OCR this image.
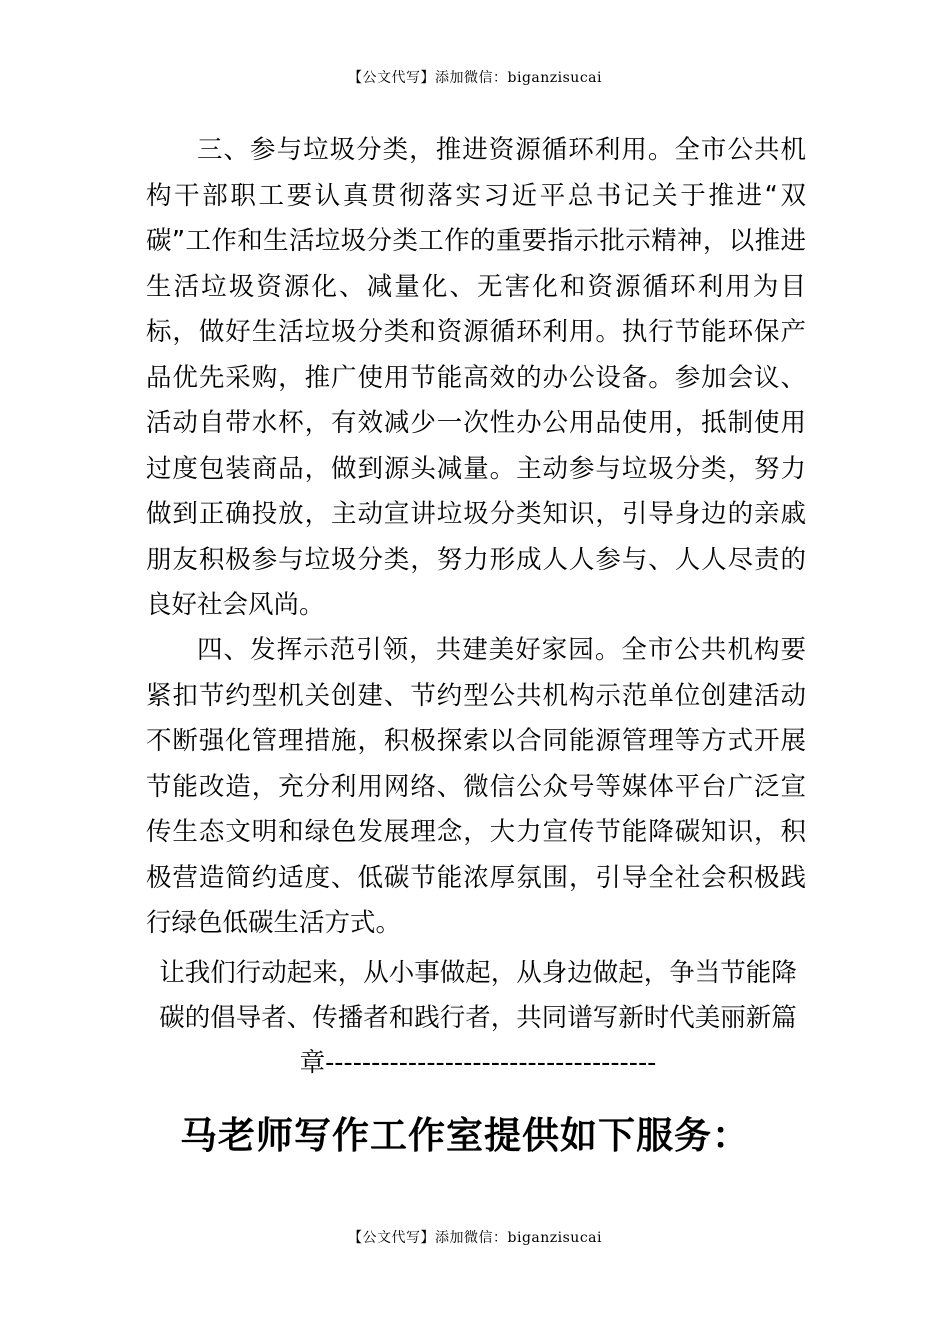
【公文代写】添加微信：biganzisucai
三、参与垃圾分类，推进资源循环利用。全市公共机构干部职工要认真贯彻落实习近平总书记关于推进“双碳”工作和生活垃圾分类工作的重要指示批示精神，以推进生活垃圾资源化、减量化、无害化和资源循环利用为目标，做好生活垃圾分类和资源循环利用。执行节能环保产品优先采购，推广使用节能高效的办公设备。参加会议、活动自带水杯，有效减少一次性办公用品使用，抵制使用过度包装商品，做到源头减量。主动参与垃圾分类，努力做到正确投放，主动宣讲垃圾分类知识，引导身边的亲戚朋友积极参与垃圾分类，努力形成人人参与、人人尽责的良好社会风尚。
四、发挥示范引领，共建美好家园。全市公共机构要紧扣节约型机关创建、节约型公共机构示范单位创建活动不断强化管理措施，积极探索以合同能源管理等方式开展节能改造，充分利用网络、微信公众号等媒体平台广泛宣传生态文明和绿色发展理念，大力宣传节能降碳知识，积极营造简约适度、低碳节能浓厚氛围，引导全社会积极践行绿色低碳生活方式。
让我们行动起来，从小事做起，从身边做起，争当节能降碳的倡导者、传播者和践行者，共同谱写新时代美丽新篇章------------------------------------
马老师写作工作室提供如下服务：
【公文代写】添加微信：biganzisucai
